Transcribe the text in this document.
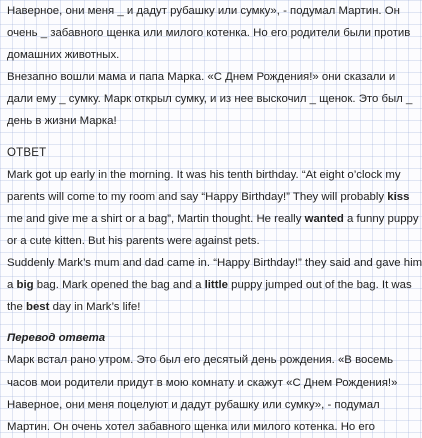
Наверное, они меня _ и дадут рубашку или сумку», - подумал Мартин. Он
очень _ забавного щенка или милого котенка. Но его родители были против
домашних животных.
Внезапно вошли мама и папа Марка. «С Днем Рождения!» они сказали и
дали ему _ сумку. Марк открыл сумку, и из нее выскочил _ щенок. Это был _
день в жизни Марка!
ОТВЕТ
Mark got up early in the morning. It was his tenth birthday. “At eight o’clock my
parents will come to my room and say “Happy Birthday!” They will probably kiss
me and give me a shirt or a bag”, Martin thought. He really wanted a funny puppy
or a cute kitten. But his parents were against pets.
Suddenly Mark’s mum and dad came in. “Happy Birthday!” they said and gave him
a big bag. Mark opened the bag and a little puppy jumped out of the bag. It was
the best day in Mark’s life!
Перевод ответа
Марк встал рано утром. Это был его десятый день рождения. «В восемь
часов мои родители придут в мою комнату и скажут «С Днем Рождения!»
Наверное, они меня поцелуют и дадут рубашку или сумку», - подумал
Мартин. Он очень хотел забавного щенка или милого котенка. Но его
